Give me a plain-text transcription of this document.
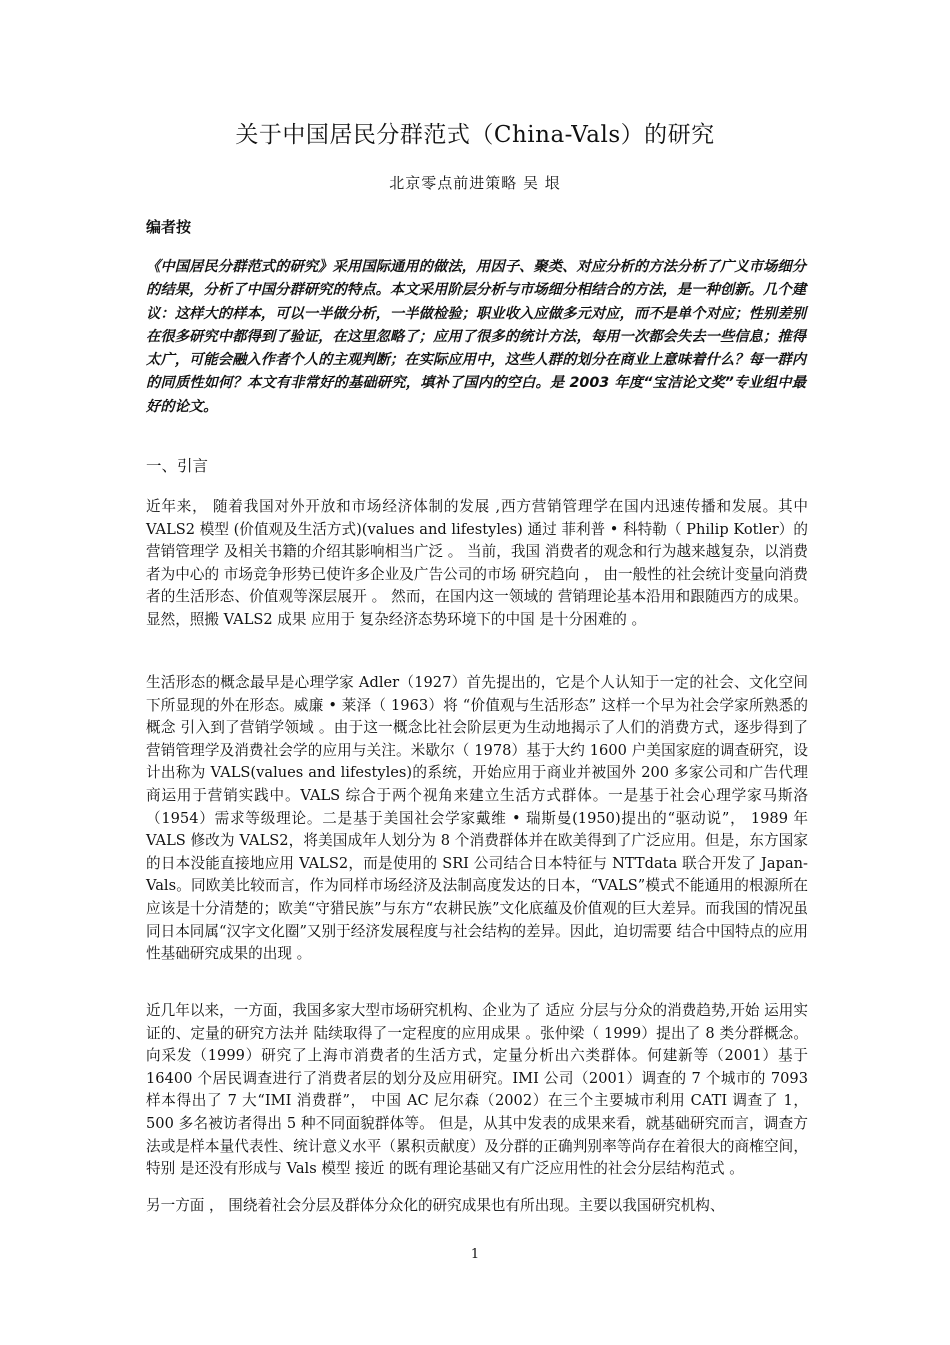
关于中国居民分群范式（China-Vals）的研究
北京零点前进策略 吴 垠
编者按
《中国居民分群范式的研究》采用国际通用的做法，用因子、聚类、对应分析的方法分析了广义市场细分的结果，分析了中国分群研究的特点。本文采用阶层分析与市场细分相结合的方法，是一种创新。几个建议：这样大的样本，可以一半做分析，一半做检验；职业收入应做多元对应，而不是单个对应；性别差别在很多研究中都得到了验证，在这里忽略了；应用了很多的统计方法，每用一次都会失去一些信息；推得太广，可能会融入作者个人的主观判断；在实际应用中，这些人群的划分在商业上意味着什么？每一群内的同质性如何？本文有非常好的基础研究，填补了国内的空白。是 2003 年度“宝洁论文奖”专业组中最好的论文。
一、引言

近年来， 随着我国对外开放和市场经济体制的发展 ,西方营销管理学在国内迅速传播和发展。其中 VALS2 模型 (价值观及生活方式)(values and lifestyles) 通过 菲利普 • 科特勒（ Philip Kotler）的营销管理学 及相关书籍的介绍其影响相当广泛 。 当前，我国 消费者的观念和行为越来越复杂，以消费者为中心的 市场竞争形势已使许多企业及广告公司的市场 研究趋向 ， 由一般性的社会统计变量向消费者的生活形态、价值观等深层展开 。 然而，在国内这一领域的 营销理论基本沿用和跟随西方的成果。显然，照搬 VALS2 成果 应用于 复杂经济态势环境下的中国 是十分困难的 。

生活形态的概念最早是心理学家 Adler（1927）首先提出的，它是个人认知于一定的社会、文化空间下所显现的外在形态。威廉 • 莱泽（ 1963）将 “价值观与生活形态” 这样一个早为社会学家所熟悉的概念 引入到了营销学领域 。由于这一概念比社会阶层更为生动地揭示了人们的消费方式，逐步得到了营销管理学及消费社会学的应用与关注。米歇尔（ 1978）基于大约 1600 户美国家庭的调查研究，设计出称为 VALS(values and lifestyles)的系统，开始应用于商业并被国外 200 多家公司和广告代理商运用于营销实践中。VALS 综合于两个视角来建立生活方式群体。一是基于社会心理学家马斯洛（1954）需求等级理论。二是基于美国社会学家戴维 • 瑞斯曼(1950)提出的“驱动说”， 1989 年 VALS 修改为 VALS2，将美国成年人划分为 8 个消费群体并在欧美得到了广泛应用。但是，东方国家的日本没能直接地应用 VALS2，而是使用的 SRI 公司结合日本特征与 NTTdata 联合开发了 Japan-Vals。同欧美比较而言，作为同样市场经济及法制高度发达的日本，“VALS”模式不能通用的根源所在应该是十分清楚的；欧美“守猎民族”与东方“农耕民族”文化底蕴及价值观的巨大差异。而我国的情况虽同日本同属“汉字文化圈”又别于经济发展程度与社会结构的差异。因此，迫切需要 结合中国特点的应用性基础研究成果的出现 。

近几年以来，一方面，我国多家大型市场研究机构、企业为了 适应 分层与分众的消费趋势,开始 运用实证的、定量的研究方法并 陆续取得了一定程度的应用成果 。张仲梁（ 1999）提出了 8 类分群概念。向采发（1999）研究了上海市消费者的生活方式，定量分析出六类群体。何建新等（2001）基于 16400 个居民调查进行了消费者层的划分及应用研究。IMI 公司（2001）调查的 7 个城市的 7093 样本得出了 7 大“IMI 消费群”， 中国 AC 尼尔森（2002）在三个主要城市利用 CATI 调查了 1，500 多名被访者得出 5 种不同面貌群体等。 但是，从其中发表的成果来看，就基础研究而言，调查方法或是样本量代表性、统计意义水平（累积贡献度）及分群的正确判别率等尚存在着很大的商榷空间，特别 是还没有形成与 Vals 模型 接近 的既有理论基础又有广泛应用性的社会分层结构范式 。

另一方面 ， 围绕着社会分层及群体分众化的研究成果也有所出现。主要以我国研究机构、

1
